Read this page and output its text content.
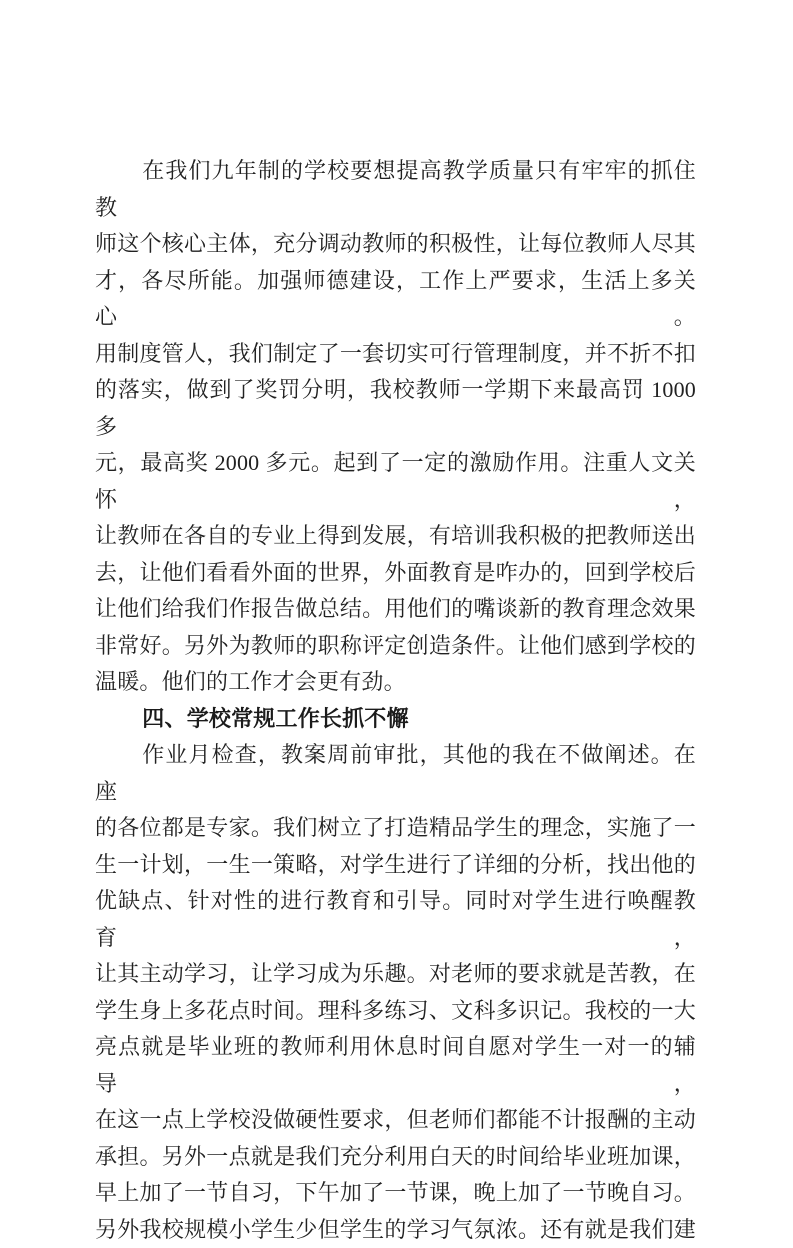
在我们九年制的学校要想提高教学质量只有牢牢的抓住教
师这个核心主体，充分调动教师的积极性，让每位教师人尽其
才，各尽所能。加强师德建设，工作上严要求，生活上多关心。
用制度管人，我们制定了一套切实可行管理制度，并不折不扣
的落实，做到了奖罚分明，我校教师一学期下来最高罚 1000 多
元，最高奖 2000 多元。起到了一定的激励作用。注重人文关怀，
让教师在各自的专业上得到发展，有培训我积极的把教师送出
去，让他们看看外面的世界，外面教育是咋办的，回到学校后
让他们给我们作报告做总结。用他们的嘴谈新的教育理念效果
非常好。另外为教师的职称评定创造条件。让他们感到学校的
温暖。他们的工作才会更有劲。
四、学校常规工作长抓不懈
作业月检查，教案周前审批，其他的我在不做阐述。在座
的各位都是专家。我们树立了打造精品学生的理念，实施了一
生一计划，一生一策略，对学生进行了详细的分析，找出他的
优缺点、针对性的进行教育和引导。同时对学生进行唤醒教育，
让其主动学习，让学习成为乐趣。对老师的要求就是苦教，在
学生身上多花点时间。理科多练习、文科多识记。我校的一大
亮点就是毕业班的教师利用休息时间自愿对学生一对一的辅导，
在这一点上学校没做硬性要求，但老师们都能不计报酬的主动
承担。另外一点就是我们充分利用白天的时间给毕业班加课，
早上加了一节自习，下午加了一节课，晚上加了一节晚自习。
另外我校规模小学生少但学生的学习气氛浓。还有就是我们建
